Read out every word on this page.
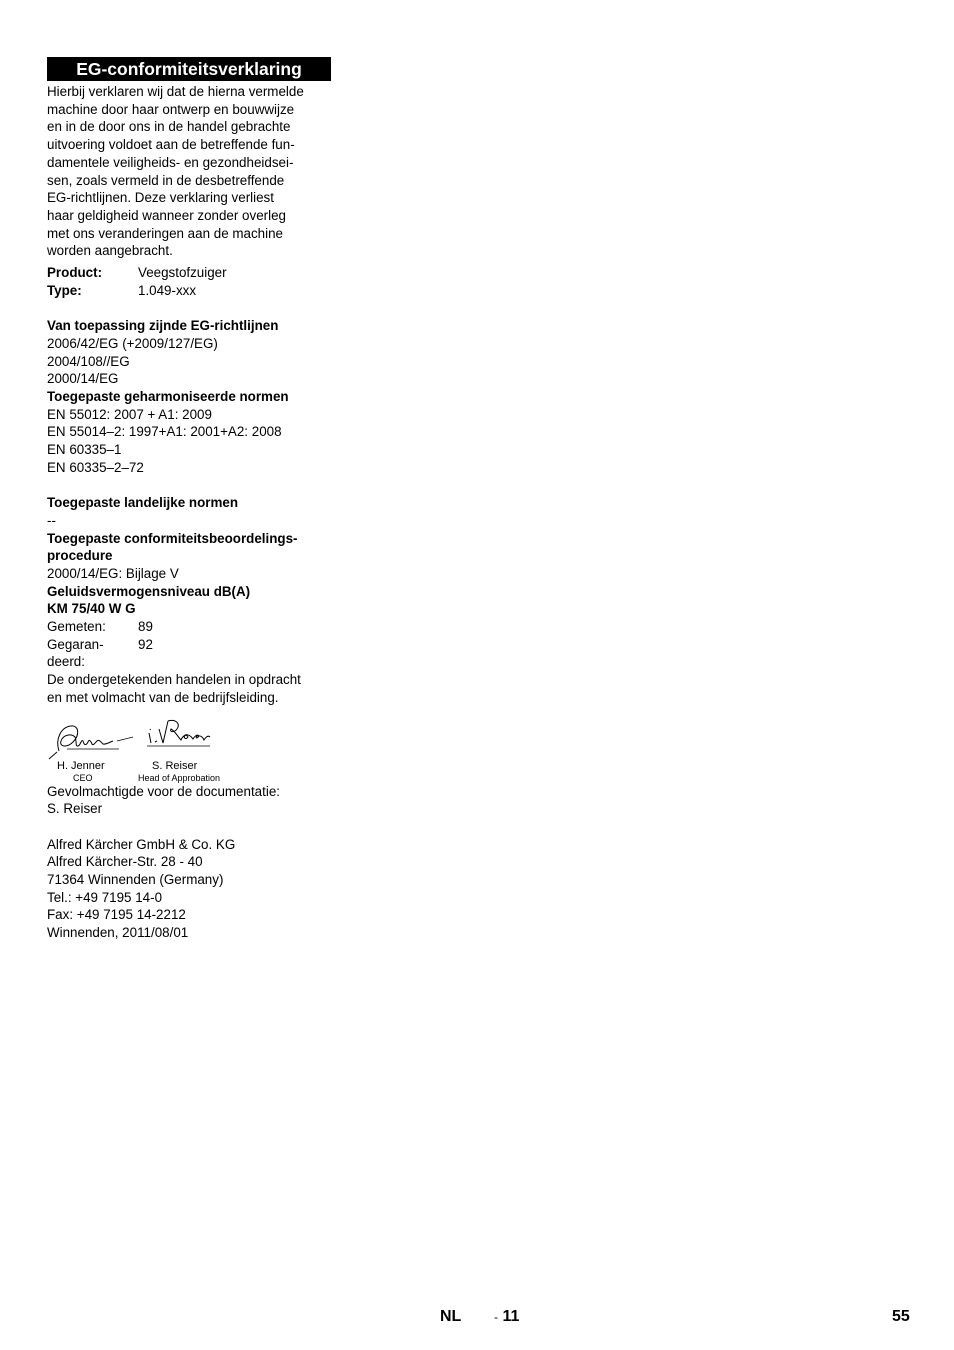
EG-conformiteitsverklaring
Hierbij verklaren wij dat de hierna vermelde
machine door haar ontwerp en bouwwijze
en in de door ons in de handel gebrachte
uitvoering voldoet aan de betreffende fun-
damentele veiligheids- en gezondheidsei-
sen, zoals vermeld in de desbetreffende
EG-richtlijnen. Deze verklaring verliest
haar geldigheid wanneer zonder overleg
met ons veranderingen aan de machine
worden aangebracht.
Product:	Veegstofzuiger
Type:	1.049-xxx
Van toepassing zijnde EG-richtlijnen
2006/42/EG (+2009/127/EG)
2004/108//EG
2000/14/EG
Toegepaste geharmoniseerde normen
EN 55012: 2007 + A1: 2009
EN 55014–2: 1997+A1: 2001+A2: 2008
EN 60335–1
EN 60335–2–72
Toegepaste landelijke normen
--
Toegepaste conformiteitsbeoordelings-
procedure
2000/14/EG: Bijlage V
Geluidsvermogensniveau dB(A)
KM 75/40 W G
Gemeten:	89
Gegaran-	92
deerd:
De ondergetekenden handelen in opdracht
en met volmacht van de bedrijfsleiding.
H. Jenner
CEO
S. Reiser
Head of Approbation
Gevolmachtigde voor de documentatie:
S. Reiser
Alfred Kärcher GmbH & Co. KG
Alfred Kärcher-Str. 28 - 40
71364 Winnenden (Germany)
Tel.: +49 7195 14-0
Fax: +49 7195 14-2212
Winnenden, 2011/08/01
NL	- 11	55
